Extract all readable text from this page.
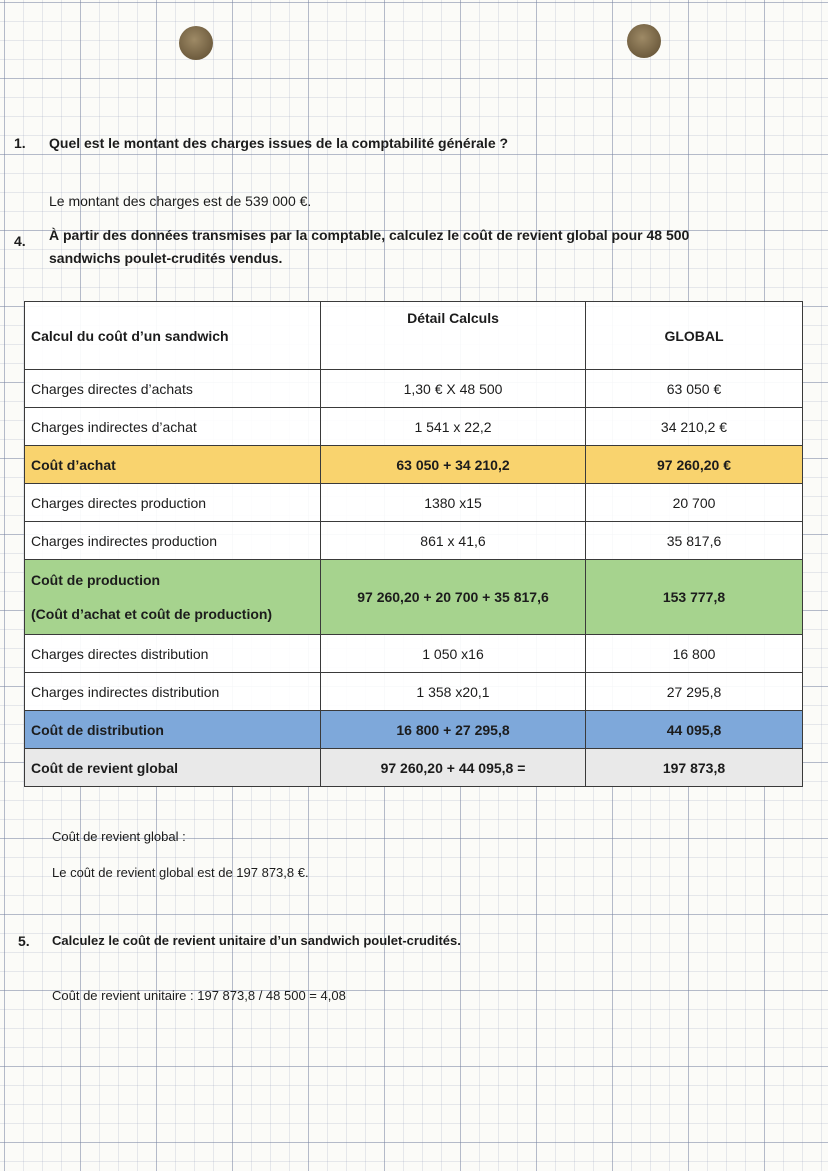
1. Quel est le montant des charges issues de la comptabilité générale ?
Le montant des charges est de 539 000 €.
4. À partir des données transmises par la comptable, calculez le coût de revient global pour 48 500
sandwichs poulet-crudités vendus.
Calcul du coût d’un sandwich	Détail Calculs	GLOBAL
Charges directes d’achats	1,30 € X 48 500	63 050 €
Charges indirectes d’achat	1 541 x 22,2	34 210,2 €
Coût d’achat	63 050 + 34 210,2	97 260,20 €
Charges directes production	1380 x15	20 700
Charges indirectes production	861 x 41,6	35 817,6

Coût de production
(Coût d’achat et coût de production)	97 260,20 + 20 700 + 35 817,6	153 777,8
Charges directes distribution	1 050 x16	16 800
Charges indirectes distribution	1 358 x20,1	27 295,8
Coût de distribution	16 800 + 27 295,8	44 095,8
Coût de revient global	97 260,20 + 44 095,8 =	197 873,8
Coût de revient global :
Le coût de revient global est de 197 873,8 €.
5. Calculez le coût de revient unitaire d’un sandwich poulet-crudités.
Coût de revient unitaire : 197 873,8 / 48 500 = 4,08
